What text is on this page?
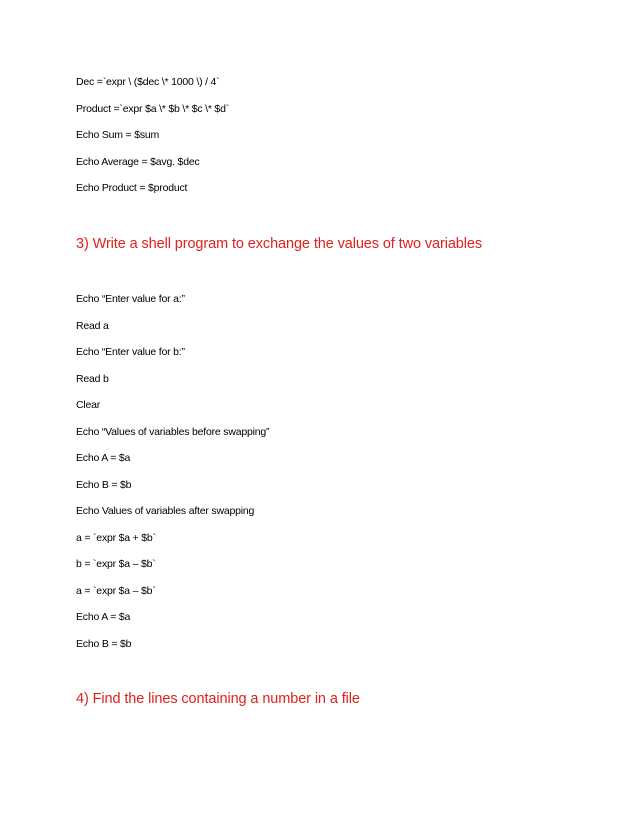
Dec =`expr \ ($dec \* 1000 \) / 4`
Product =`expr $a \* $b \* $c \* $d`
Echo Sum = $sum
Echo Average = $avg. $dec
Echo Product = $product
3) Write a shell program to exchange the values of two variables
Echo “Enter value for a:”
Read a
Echo “Enter value for b:”
Read b
Clear
Echo “Values of variables before swapping”
Echo A = $a
Echo B = $b
Echo Values of variables after swapping
a = `expr $a + $b`
b = `expr $a – $b`
a = `expr $a – $b`
Echo A = $a
Echo B = $b
4) Find the lines containing a number in a file
